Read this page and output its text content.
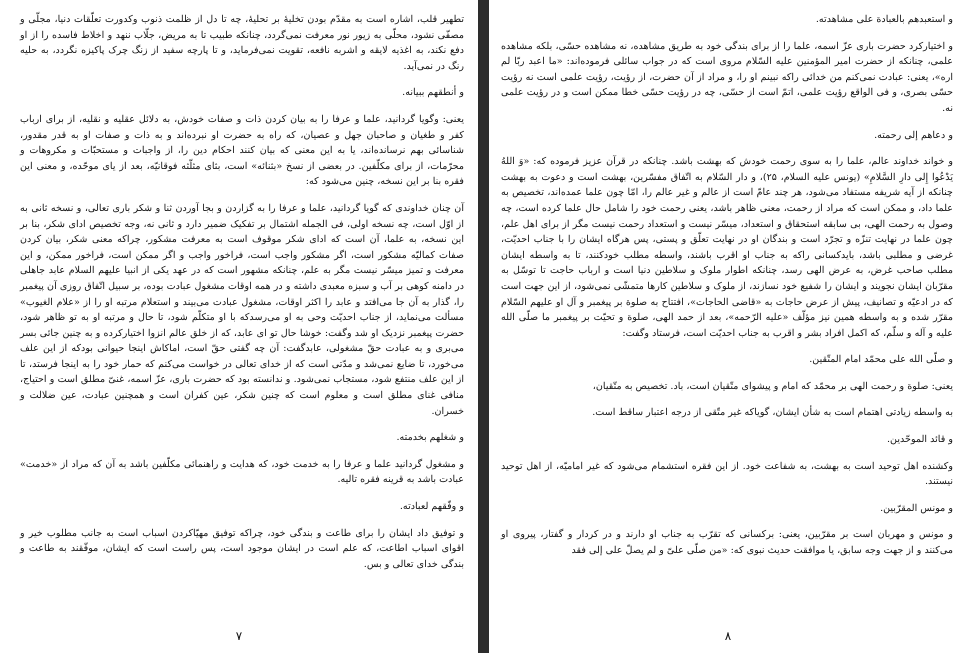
تطهیر قلب، اشاره است به مقدّم بودن تخلیهٔ بر تحلیهٔ، چه تا دل از ظلمت ذنوب وکدورت تعلّقات دنیا، مجلّی و مصفّی نشود، محلّی به زیور نور معرفت نمی‌گردد، چنانکه طبیب تا به مریض، جلّاب ننهد و اخلاط فاسده را از او دفع نکند، به اغذیه لایقه و اشربه نافعه، تقویت نمی‌فرماید، و تا پارچه سفید از زنگ چرک پاکیزه نگردد، به حلیه رنگ در نمی‌آید.

و أنطقهم ببیانه.

یعنی: وگویا گردانید، علما و عرفا را به بیان کردن ذات و صفات خودش، به دلائل عقلیه و نقلیه، از برای ارباب کفر و طغیان و صاحبان جهل و عصیان، که راه به حضرت او نبرده‌اند و به ذات و صفات او به قدر مقدور، شناسائی بهم نرسانده‌اند، یا به این معنی که بیان کنند احکام دین را، از واجبات و مستحبّات و مکروهات و محرّمات، از برای مکلّفین. در بعضی از نسخ «بثنائه» است، بثای مثلّثه فوقانیّه، بعد از یای موحّده، و معنی این فقره بنا بر این نسخه، چنین می‌شود که:

آن چنان خداوندی که گویا گردانید، علما و عرفا را به گزاردن و بجا آوردن ثنا و شکر باری تعالی، و نسخه ثانی به از اوّل است، چه نسخه اولی، فی الجمله اشتمال بر تفکیک ضمیر دارد و ثانی نه، وجه تخصیص ادای شکر، بنا بر این نسخه، به علما، آن است که ادای شکر موقوف است به معرفت مشکور، چراکه معنی شکر، بیان کردن صفات کمالیّه مشکور است، اگر مشکور واجب است، فراخور واجب و اگر ممکن است، فراخور ممکن، و این معرفت و تمیز میسّر نیست مگر به علم، چنانکه مشهور است که در عهد یکی از انبیا علیهم السلام عابد جاهلی در دامنه کوهی بر آب و سبزه معبدی داشته و در همه اوقات مشغول عبادت بوده، بر سبیل اتّفاق روزی آن پیغمبر را، گذار به آن جا می‌افتد و عابد را اکثر اوقات، مشغول عبادت می‌بیند و استعلام مرتبه او را از «علام الغیوب» مسألت می‌نماید، از جناب احدیّت وحی به او می‌رسدکه با او متکلّم شود، تا حال و مرتبه او به تو ظاهر شود، حضرت پیغمبر نزدیک او شد وگفت: خوشا حال تو ای عابد، که از خلق عالم انزوا اختیارکرده و به چنین جائی بسر می‌بری و به عبادت حقّ مشغولی، عابدگفت: آن چه گفتی حقّ است، اماکاش اینجا حیوانی بودکه از این علف می‌خورد، تا ضایع نمی‌شد و مدّتی است که از خدای تعالی در خواست می‌کنم که حمار خود را به اینجا فرستد، تا از این علف منتفع شود، مستجاب نمی‌شود. و ندانسته بود که حضرت باری، عزّ اسمه، غنیّ مطلق است و احتیاج، منافی غنای مطلق است و معلوم است که چنین شکر، عین کفران است و همچنین عبادت، عین ضلالت و خسران.

و شغلهم بخدمته.

و مشغول گردانید علما و عرفا را به خدمت خود، که هدایت و راهنمائی مکلّفین باشد به آن که مراد از «خدمت» عبادت باشد به قرینه فقره تالیه.

و وفّقهم لعبادته.

و توفیق داد ایشان را برای طاعت و بندگی خود، چراکه توفیق مهیّاکردن اسباب است به جانب مطلوب خیر و اقوای اسباب اطاعت، که علم است در ایشان موجود است، پس راست است که ایشان، موفّقند به طاعت و بندگی خدای تعالی و بس.

۷

و استعبدهم بالعبادة علی مشاهدته.

و اختیارکرد حضرت باری عزّ اسمه، علما را از برای بندگی خود به طریق مشاهده، نه مشاهده حسّی، بلکه مشاهده علمی، چنانکه از حضرت امیر المؤمنین علیه السّلام مروی است که در جواب سائلی فرموده‌اند: «ما اعبد ربّا لم اره»، یعنی: عبادت نمی‌کنم من خدائی راکه نبینم او را، و مراد از آن حضرت، از رؤیت، رؤیت علمی است نه رؤیت حسّی بصری، و فی الواقع رؤیت علمی، اتمّ است از حسّی، چه در رؤیت حسّی خطا ممکن است و در رؤیت علمی نه.

و دعاهم إلی رحمته.

و خواند خداوند عالم، علما را به سوی رحمت خودش که بهشت باشد. چنانکه در قرآن عزیز فرموده که: «وَ اللهُ يَدْعُوا إِلى دارِ السَّلامِ» (یونس علیه السلام، ۲۵)، و دار السّلام به اتّفاق مفسّرین، بهشت است و دعوت به بهشت چنانکه از آیه شریفه مستفاد می‌شود، هر چند عامّ است از عالم و غیر عالم را، امّا چون علما عمده‌اند، تخصیص به علما داد، و ممکن است که مراد از رحمت، معنی ظاهر باشد، یعنی رحمت خود را شامل حال علما کرده است، چه وصول به رحمت الهی، بی سابقه استحقاق و استعداد، میسّر نیست و استعداد رحمت نیست مگر از برای اهل علم، چون علما در نهایت تنزّه و تجرّد است و بندگان او در نهایت تعلّق و پستی، پس هرگاه ایشان را با جناب احدیّت، غرضی و مطلبی باشد، بایدکسانی راکه به جناب او اقرب باشند، واسطه مطلب خودکنند، تا به واسطه ایشان مطلب صاحب غرض، به عرض الهی رسد، چنانکه اطوار ملوک و سلاطین دنیا است و ارباب حاجت تا توسّل به مقرّبان ایشان نجویند و ایشان را شفیع خود نسازند، از ملوک و سلاطین کارها متمشّی نمی‌شود، از این جهت است که در ادعیّه و تصانیف، پیش از عرض حاجات به «قاضی الحاجات»، افتتاح به صلوة بر پیغمبر و آل او علیهم السّلام مقرّر شده و به واسطه همین نیز مؤلّف «علیه الرّحمه»، بعد از حمد الهی، صلوة و تحیّت بر پیغمبر ما صلّی الله علیه و آله و سلّم، که اکمل افراد بشر و اقرب به جناب احدیّت است، فرستاد وگفت:

و صلّی الله علی محمّد امام المتّقین.

یعنی: صلوة و رحمت الهی بر محمّد که امام و پیشوای متّقیان است، باد. تخصیص به متّقیان،

به واسطه زیادتی اهتمام است به شأن ایشان، گویاکه غیر متّقی از درجه اعتبار ساقط است.

و قائد الموحّدین.

وکشنده اهل توحید است به بهشت، به شفاعت خود. از این فقره استشمام می‌شود که غیر امامیّه، از اهل توحید نیستند.

و مونس المقرّبین.

و مونس و مهربان است بر مقرّبین، یعنی: برکسانی که تقرّب به جناب او دارند و در کردار و گفتار، پیروی او می‌کنند و از جهت وجه سابق، یا موافقت حدیث نبوی که: «من صلّی علیّ و لم یصلّ علی إلی فقد

۸
